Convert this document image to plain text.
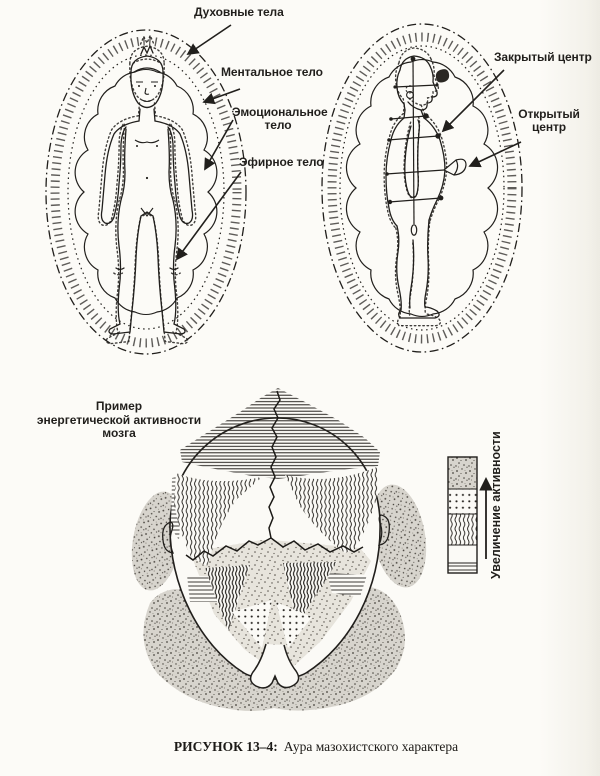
Духовные тела
Ментальное тело
Эмоциональное
тело
Эфирное тело
Закрытый центр
Открытый
центр
Пример
энергетической активности
мозга	Увеличение активности
РИСУНОК 13–4: Аура мазохистского характера
